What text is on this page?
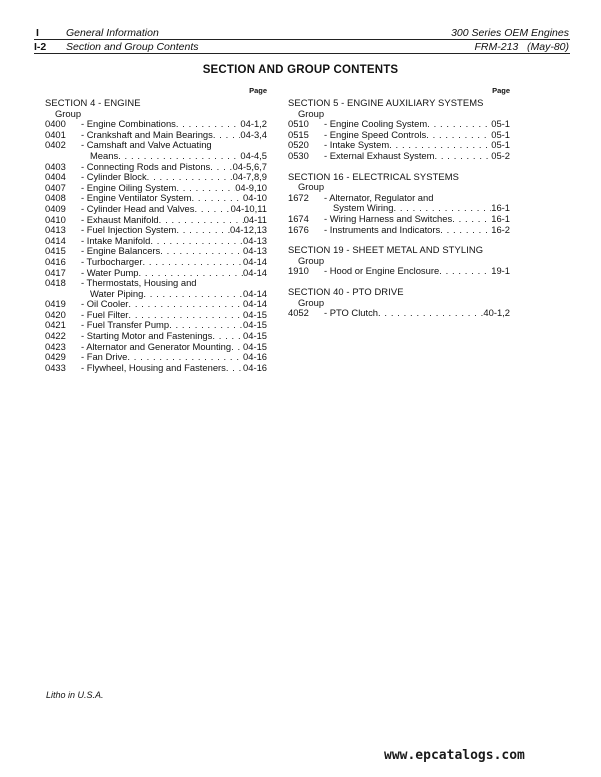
I	General Information
I-2 Section and Group Contents
300 Series OEM Engines
FRM-213   (May-80)
SECTION AND GROUP CONTENTS
Page
SECTION 4 - ENGINE
Group
0400	- Engine Combinations . . .	04-1,2
0401	- Crankshaft and Main Bearings . . .	04-3,4
0402	- Camshaft and Valve Actuating
Means . . .	04-4,5
0403	- Connecting Rods and Pistons . . . 04-5,6,7
0404	- Cylinder Block . . .	04-7,8,9
0407	- Engine Oiling System . . .	04-9,10
0408	- Engine Ventilator System . . .	04-10
0409	- Cylinder Head and Valves . . .	04-10,11
0410	- Exhaust Manifold . . .	04-11
0413	- Fuel Injection System . . .	04-12,13
0414	- Intake Manifold . . .	04-13
0415	- Engine Balancers . . .	04-13
0416	- Turbocharger . . .	04-14
0417	- Water Pump . . .	04-14
0418	- Thermostats, Housing and
Water Piping . . .	04-14
0419	- Oil Cooler . . .	04-14
0420	- Fuel Filter . . .	04-15
0421	- Fuel Transfer Pump . . .	04-15
0422	- Starting Motor and Fastenings . . .	04-15
0423	- Alternator and Generator Mounting . . . 04-15
0429	- Fan Drive . . .	04-16
0433	- Flywheel, Housing and Fasteners . . . 04-16
Page
SECTION 5 - ENGINE AUXILIARY SYSTEMS
Group
0510	- Engine Cooling System . . .	05-1
0515	- Engine Speed Controls . . .	05-1
0520	- Intake System . . .	05-1
0530	- External Exhaust System . . .	05-2
SECTION 16 - ELECTRICAL SYSTEMS
Group
1672	- Alternator, Regulator and
System Wiring . . .	16-1
1674	- Wiring Harness and Switches . . .	16-1
1676	- Instruments and Indicators . . .	16-2
SECTION 19 - SHEET METAL AND STYLING
Group
1910	- Hood or Engine Enclosure . . .	19-1
SECTION 40 - PTO DRIVE
Group
4052	- PTO Clutch . . .	40-1,2
Litho in U.S.A.
www.epcatalogs.com
